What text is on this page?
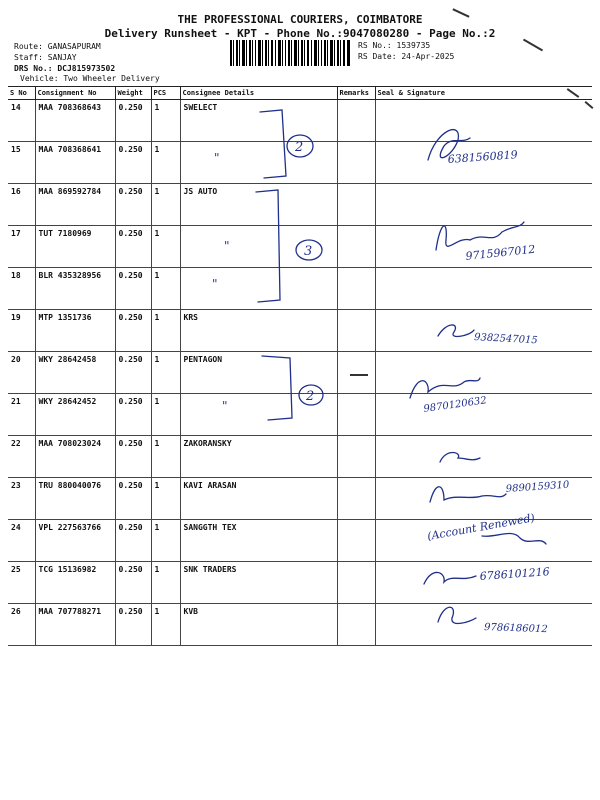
THE PROFESSIONAL COURIERS, COIMBATORE
Delivery Runsheet - KPT - Phone No.:9047080280 - Page No.:2
Route: GANASAPURAM
Staff: SANJAY
DRS No.: DCJ815973502
Vehicle: Two Wheeler Delivery
RS No.: 1539735
RS Date: 24-Apr-2025
S No	Consignment No	Weight	PCS	Consignee Details	Remarks	Seal & Signature
14	MAA 708368643	0.250	1	SWELECT		
15	MAA 708368641	0.250	1			
16	MAA 869592784	0.250	1	JS AUTO		
17	TUT 7180969	0.250	1			
18	BLR 435328956	0.250	1			
19	MTP 1351736	0.250	1	KRS		
20	WKY 28642458	0.250	1	PENTAGON		
21	WKY 28642452	0.250	1			
22	MAA 708023024	0.250	1	ZAKORANSKY		
23	TRU 880040076	0.250	1	KAVI ARASAN		
24	VPL 227563766	0.250	1	SANGGTH TEX		
25	TCG 15136982	0.250	1	SNK TRADERS		
26	MAA 707788271	0.250	1	KVB		
"
"
"
"
2
3
2
6381560819
9715967012
9382547015
9870120632
9890159310
6786101216
9786186012
(Account Renewed)
